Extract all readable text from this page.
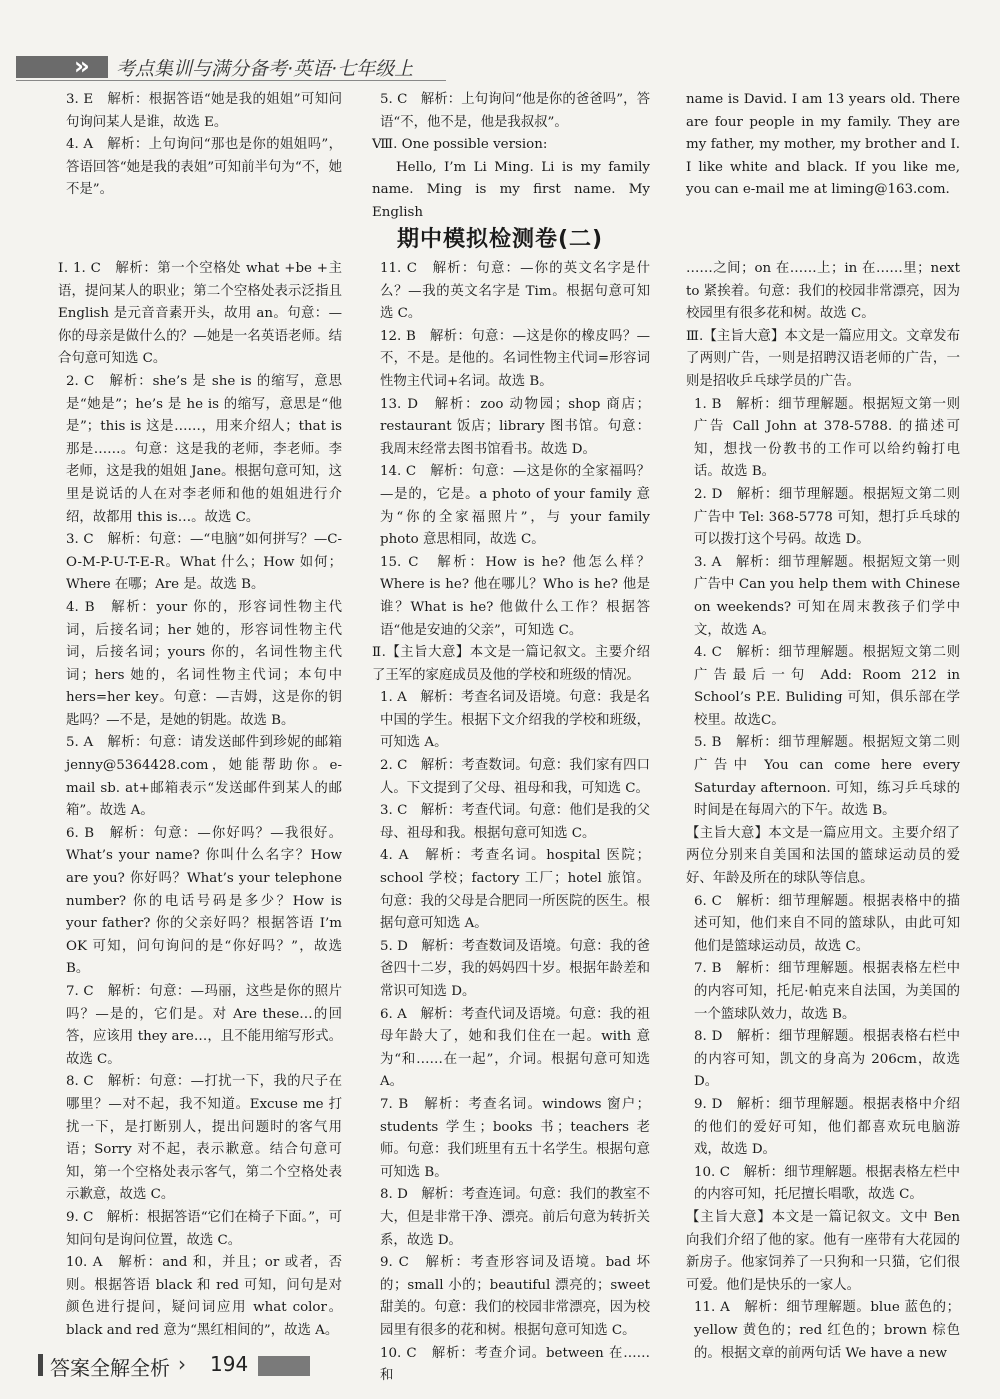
›› 考点集训与满分备考·英语·七年级上

3. E　解析：根据答语“她是我的姐姐”可知问句询问某人是谁，故选 E。

4. A　解析：上句询问“那也是你的姐姐吗”，答语回答“她是我的表姐”可知前半句为“不，她不是”。

5. C　解析：上句询问“他是你的爸爸吗”，答语“不，他不是，他是我叔叔”。

Ⅷ. One possible version:

Hello, I’m Li Ming. Li is my family name. Ming is my first name. My English

name is David. I am 13 years old. There are four people in my family. They are my father, my mother, my brother and I. I like white and black. If you like me, you can e-mail me at liming@163.com.

期中模拟检测卷(二)

Ⅰ. 1. C　解析：第一个空格处 what +be +主语，提问某人的职业；第二个空格处表示泛指且 English 是元音音素开头，故用 an。句意：—你的母亲是做什么的？—她是一名英语老师。结合句意可知选 C。

2. C　解析：she’s 是 she is 的缩写，意思是“她是”；he’s 是 he is 的缩写，意思是“他是”；this is 这是……，用来介绍人；that is 那是……。句意：这是我的老师，李老师。李老师，这是我的姐姐 Jane。根据句意可知，这里是说话的人在对李老师和他的姐姐进行介绍，故都用 this is…。故选 C。

3. C　解析：句意：—“电脑”如何拼写？—C-O-M-P-U-T-E-R。What 什么；How 如何；Where 在哪；Are 是。故选 B。

4. B　解析：your 你的，形容词性物主代词，后接名词；her 她的，形容词性物主代词，后接名词；yours 你的，名词性物主代词；hers 她的，名词性物主代词；本句中 hers=her key。句意：—吉姆，这是你的钥匙吗？—不是，是她的钥匙。故选 B。

5. A　解析：句意：请发送邮件到珍妮的邮箱 jenny@5364428.com，她能帮助你。e-mail sb. at+邮箱表示“发送邮件到某人的邮箱”。故选 A。

6. B　解析：句意：—你好吗？—我很好。What’s your name? 你叫什么名字？How are you? 你好吗？What’s your telephone number? 你的电话号码是多少？How is your father? 你的父亲好吗？根据答语 I’m OK 可知，问句询问的是“你好吗？”，故选B。

7. C　解析：句意：—玛丽，这些是你的照片吗？—是的，它们是。对 Are these…的回答，应该用 they are…，且不能用缩写形式。故选 C。

8. C　解析：句意：—打扰一下，我的尺子在哪里？—对不起，我不知道。Excuse me 打扰一下，是打断别人，提出问题时的客气用语；Sorry 对不起，表示歉意。结合句意可知，第一个空格处表示客气，第二个空格处表示歉意，故选 C。

9. C　解析：根据答语“它们在椅子下面。”，可知问句是询问位置，故选 C。

10. A　解析：and 和，并且；or 或者，否则。根据答语 black 和 red 可知，问句是对颜色进行提问，疑问词应用 what color。black and red 意为“黑红相间的”，故选 A。

11. C　解析：句意：—你的英文名字是什么？—我的英文名字是 Tim。根据句意可知选 C。

12. B　解析：句意：—这是你的橡皮吗？—不，不是。是他的。名词性物主代词=形容词性物主代词+名词。故选 B。

13. D　解析：zoo 动物园；shop 商店；restaurant 饭店；library 图书馆。句意：我周末经常去图书馆看书。故选 D。

14. C　解析：句意：—这是你的全家福吗？—是的，它是。a photo of your family 意为“你的全家福照片”，与 your family photo 意思相同，故选 C。

15. C　解析：How is he? 他怎么样？Where is he? 他在哪儿？Who is he? 他是谁？What is he? 他做什么工作？根据答语“他是安迪的父亲”，可知选 C。

Ⅱ.【主旨大意】本文是一篇记叙文。主要介绍了王军的家庭成员及他的学校和班级的情况。

1. A　解析：考查名词及语境。句意：我是名中国的学生。根据下文介绍我的学校和班级，可知选 A。

2. C　解析：考查数词。句意：我们家有四口人。下文提到了父母、祖母和我，可知选 C。

3. C　解析：考查代词。句意：他们是我的父母、祖母和我。根据句意可知选 C。

4. A　解析：考查名词。hospital 医院；school 学校；factory 工厂；hotel 旅馆。句意：我的父母是合肥同一所医院的医生。根据句意可知选 A。

5. D　解析：考查数词及语境。句意：我的爸爸四十二岁，我的妈妈四十岁。根据年龄差和常识可知选 D。

6. A　解析：考查代词及语境。句意：我的祖母年龄大了，她和我们住在一起。with 意为“和……在一起”，介词。根据句意可知选A。

7. B　解析：考查名词。windows 窗户；students 学生；books 书；teachers 老师。句意：我们班里有五十名学生。根据句意可知选 B。

8. D　解析：考查连词。句意：我们的教室不大，但是非常干净、漂亮。前后句意为转折关系，故选 D。

9. C　解析：考查形容词及语境。bad 坏的；small 小的；beautiful 漂亮的；sweet 甜美的。句意：我们的校园非常漂亮，因为校园里有很多的花和树。根据句意可知选 C。

10. C　解析：考查介词。between 在……和

……之间；on 在……上；in 在……里；next to 紧挨着。句意：我们的校园非常漂亮，因为校园里有很多花和树。故选 C。

Ⅲ.【主旨大意】本文是一篇应用文。文章发布了两则广告，一则是招聘汉语老师的广告，一则是招收乒乓球学员的广告。

1. B　解析：细节理解题。根据短文第一则广告 Call John at 378-5788. 的描述可知，想找一份教书的工作可以给约翰打电话。故选 B。

2. D　解析：细节理解题。根据短文第二则广告中 Tel: 368-5778 可知，想打乒乓球的可以拨打这个号码。故选 D。

3. A　解析：细节理解题。根据短文第一则广告中 Can you help them with Chinese on weekends? 可知在周末教孩子们学中文，故选 A。

4. C　解析：细节理解题。根据短文第二则广告最后一句 Add: Room 212 in School’s P.E. Buliding 可知，俱乐部在学校里。故选C。

5. B　解析：细节理解题。根据短文第二则广告中 You can come here every Saturday afternoon. 可知，练习乒乓球的时间是在每周六的下午。故选 B。

【主旨大意】本文是一篇应用文。主要介绍了两位分别来自美国和法国的篮球运动员的爱好、年龄及所在的球队等信息。

6. C　解析：细节理解题。根据表格中的描述可知，他们来自不同的篮球队，由此可知他们是篮球运动员，故选 C。

7. B　解析：细节理解题。根据表格左栏中的内容可知，托尼·帕克来自法国，为美国的一个篮球队效力，故选 B。

8. D　解析：细节理解题。根据表格右栏中的内容可知，凯文的身高为 206cm，故选 D。

9. D　解析：细节理解题。根据表格中介绍的他们的爱好可知，他们都喜欢玩电脑游戏，故选 D。

10. C　解析：细节理解题。根据表格左栏中的内容可知，托尼擅长唱歌，故选 C。

【主旨大意】本文是一篇记叙文。文中 Ben 向我们介绍了他的家。他有一座带有大花园的新房子。他家饲养了一只狗和一只猫，它们很可爱。他们是快乐的一家人。

11. A　解析：细节理解题。blue 蓝色的；yellow 黄色的；red 红色的；brown 棕色的。根据文章的前两句话 We have a new

答案全解全析 › 194
